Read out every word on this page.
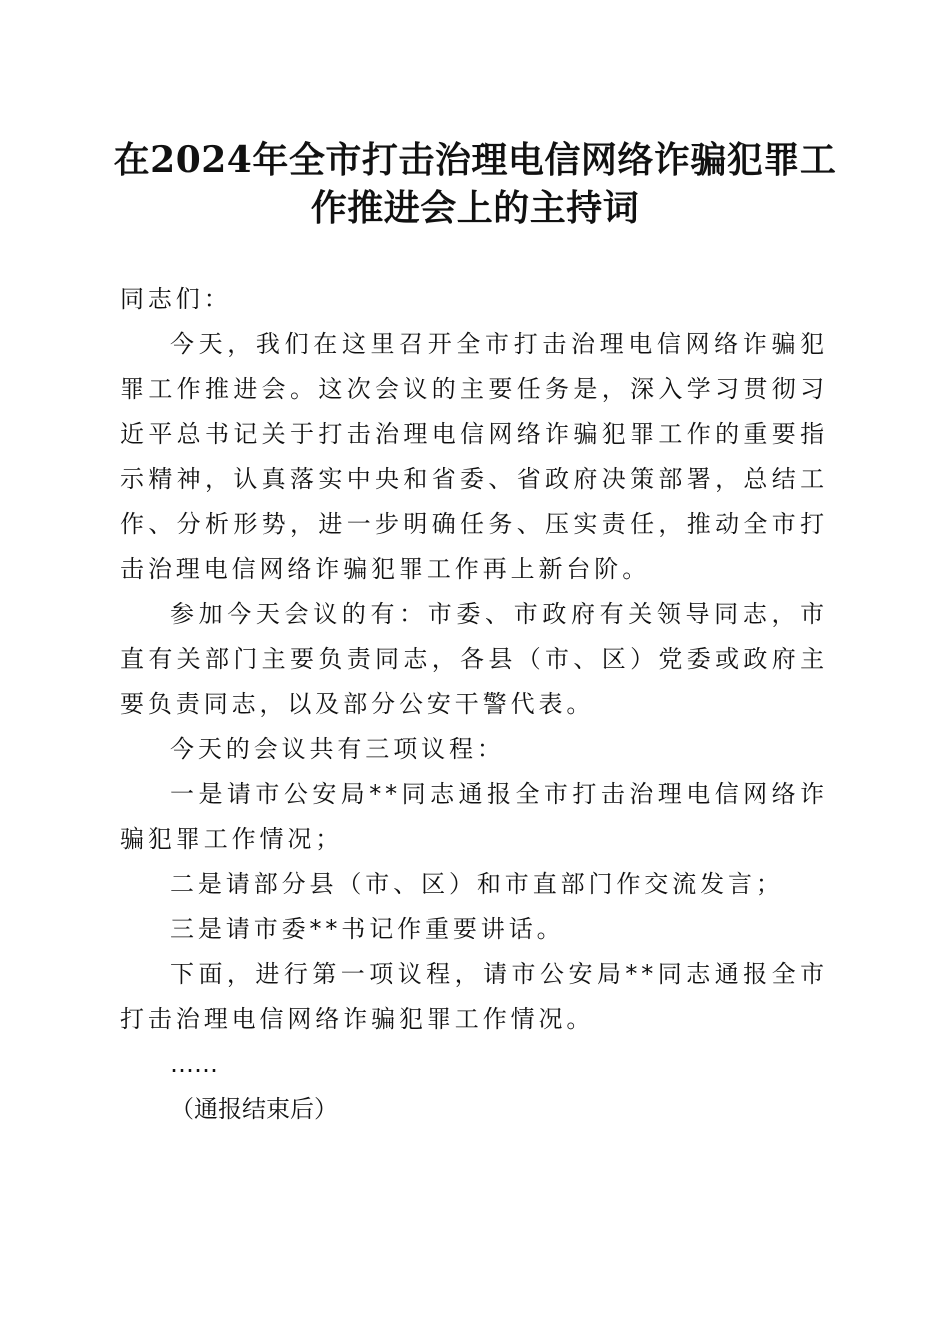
在2024年全市打击治理电信网络诈骗犯罪工
作推进会上的主持词

同志们：

今天，我们在这里召开全市打击治理电信网络诈骗犯罪工作推进会。这次会议的主要任务是，深入学习贯彻习近平总书记关于打击治理电信网络诈骗犯罪工作的重要指示精神，认真落实中央和省委、省政府决策部署，总结工作、分析形势，进一步明确任务、压实责任，推动全市打击治理电信网络诈骗犯罪工作再上新台阶。

参加今天会议的有：市委、市政府有关领导同志，市直有关部门主要负责同志，各县（市、区）党委或政府主要负责同志，以及部分公安干警代表。

今天的会议共有三项议程：

一是请市公安局**同志通报全市打击治理电信网络诈骗犯罪工作情况；

二是请部分县（市、区）和市直部门作交流发言；

三是请市委**书记作重要讲话。

下面，进行第一项议程，请市公安局**同志通报全市打击治理电信网络诈骗犯罪工作情况。

……

（通报结束后）
